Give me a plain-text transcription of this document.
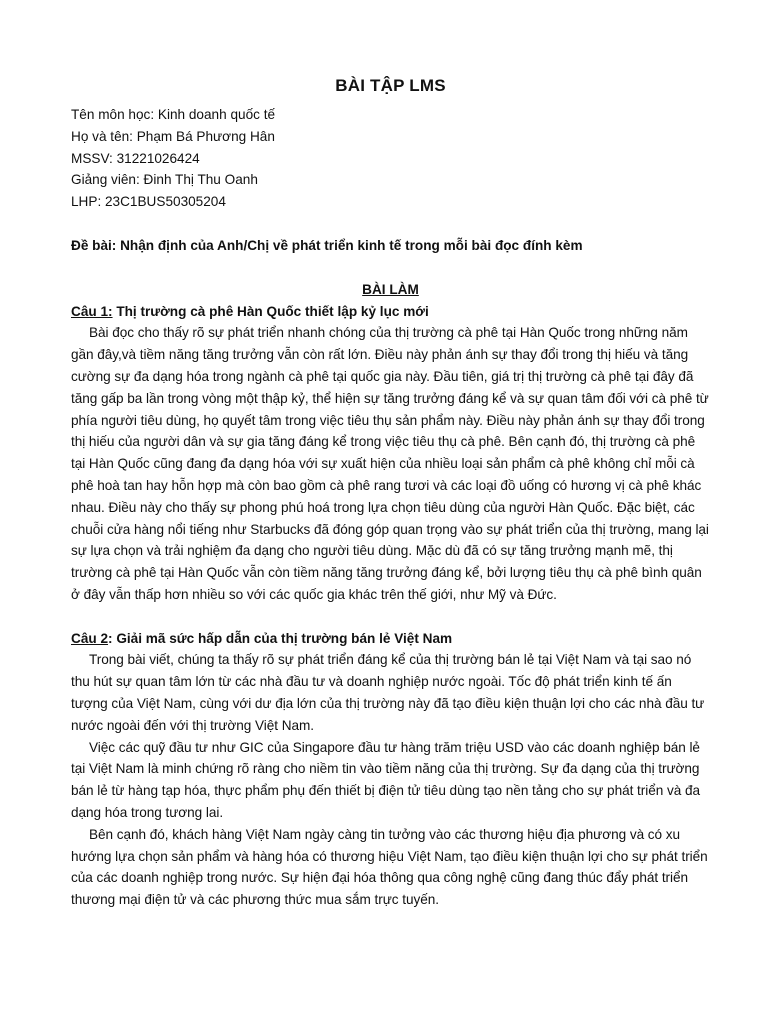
BÀI TẬP LMS
Tên môn học: Kinh doanh quốc tế
Họ và tên: Phạm Bá Phương Hân
MSSV: 31221026424
Giảng viên: Đinh Thị Thu Oanh
LHP: 23C1BUS50305204
Đề bài: Nhận định của Anh/Chị về phát triển kinh tế trong mỗi bài đọc đính kèm
BÀI LÀM
Câu 1: Thị trường cà phê Hàn Quốc thiết lập kỷ lục mới

Bài đọc cho thấy rõ sự phát triển nhanh chóng của thị trường cà phê tại Hàn Quốc trong những năm gần đây,và tiềm năng tăng trưởng vẫn còn rất lớn. Điều này phản ánh sự thay đổi trong thị hiếu và tăng cường sự đa dạng hóa trong ngành cà phê tại quốc gia này. Đầu tiên, giá trị thị trường cà phê tại đây đã tăng gấp ba lần trong vòng một thập kỷ, thể hiện sự tăng trưởng đáng kể và sự quan tâm đối với cà phê từ phía người tiêu dùng, họ quyết tâm trong việc tiêu thụ sản phẩm này. Điều này phản ánh sự thay đổi trong thị hiếu của người dân và sự gia tăng đáng kể trong việc tiêu thụ cà phê. Bên cạnh đó, thị trường cà phê tại Hàn Quốc cũng đang đa dạng hóa với sự xuất hiện của nhiều loại sản phẩm cà phê không chỉ mỗi cà phê hoà tan hay hỗn hợp mà còn bao gồm cà phê rang tươi và các loại đồ uống có hương vị cà phê khác nhau. Điều này cho thấy sự phong phú hoá trong lựa chọn tiêu dùng của người Hàn Quốc. Đặc biệt, các chuỗi cửa hàng nổi tiếng như Starbucks đã đóng góp quan trọng vào sự phát triển của thị trường, mang lại sự lựa chọn và trải nghiệm đa dạng cho người tiêu dùng. Mặc dù đã có sự tăng trưởng mạnh mẽ, thị trường cà phê tại Hàn Quốc vẫn còn tiềm năng tăng trưởng đáng kể, bởi lượng tiêu thụ cà phê bình quân ở đây vẫn thấp hơn nhiều so với các quốc gia khác trên thế giới, như Mỹ và Đức.

Câu 2: Giải mã sức hấp dẫn của thị trường bán lẻ Việt Nam

Trong bài viết, chúng ta thấy rõ sự phát triển đáng kể của thị trường bán lẻ tại Việt Nam và tại sao nó thu hút sự quan tâm lớn từ các nhà đầu tư và doanh nghiệp nước ngoài. Tốc độ phát triển kinh tế ấn tượng của Việt Nam, cùng với dư địa lớn của thị trường này đã tạo điều kiện thuận lợi cho các nhà đầu tư nước ngoài đến với thị trường Việt Nam.

Việc các quỹ đầu tư như GIC của Singapore đầu tư hàng trăm triệu USD vào các doanh nghiệp bán lẻ tại Việt Nam là minh chứng rõ ràng cho niềm tin vào tiềm năng của thị trường. Sự đa dạng của thị trường bán lẻ từ hàng tạp hóa, thực phẩm phụ đến thiết bị điện tử tiêu dùng tạo nền tảng cho sự phát triển và đa dạng hóa trong tương lai.

Bên cạnh đó, khách hàng Việt Nam ngày càng tin tưởng vào các thương hiệu địa phương và có xu hướng lựa chọn sản phẩm và hàng hóa có thương hiệu Việt Nam, tạo điều kiện thuận lợi cho sự phát triển của các doanh nghiệp trong nước. Sự hiện đại hóa thông qua công nghệ cũng đang thúc đẩy phát triển thương mại điện tử và các phương thức mua sắm trực tuyến.
